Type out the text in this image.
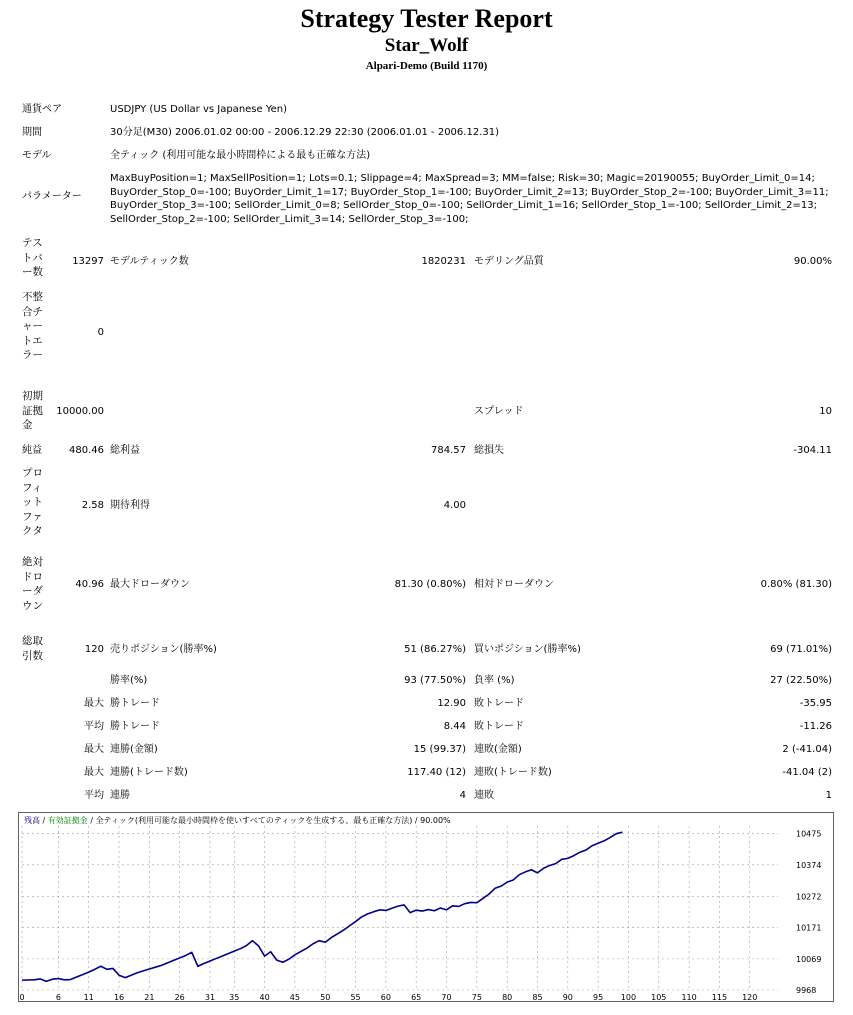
Strategy Tester Report
Star_Wolf
Alpari-Demo (Build 1170)
通貨ペア	USDJPY (US Dollar vs Japanese Yen)
期間	30分足(M30) 2006.01.02 00:00 - 2006.12.29 22:30 (2006.01.01 - 2006.12.31)
モデル	全ティック (利用可能な最小時間枠による最も正確な方法)
パラメーター
MaxBuyPosition=1; MaxSellPosition=1; Lots=0.1; Slippage=4; MaxSpread=3; MM=false; Risk=30; Magic=20190055; BuyOrder_Limit_0=14; BuyOrder_Stop_0=-100; BuyOrder_Limit_1=17; BuyOrder_Stop_1=-100; BuyOrder_Limit_2=13; BuyOrder_Stop_2=-100; BuyOrder_Limit_3=11; BuyOrder_Stop_3=-100; SellOrder_Limit_0=8; SellOrder_Stop_0=-100; SellOrder_Limit_1=16; SellOrder_Stop_1=-100; SellOrder_Limit_2=13; SellOrder_Stop_2=-100; SellOrder_Limit_3=14; SellOrder_Stop_3=-100;
テストバー数
13297 モデルティック数	1820231 モデリング品質	90.00%
不整合チャートエラー
0
初期証拠金
10000.00	スプレッド	10
純益	480.46 総利益	784.57 総損失	-304.11
プロフィットファクタ
2.58 期待利得	4.00
絶対ドローダウン
40.96 最大ドローダウン	81.30 (0.80%) 相対ドローダウン	0.80% (81.30)
総取引数	120 売りポジション(勝率%)	51 (86.27%) 買いポジション(勝率%)	69 (71.01%)
勝率(%)	93 (77.50%) 負率 (%)	27 (22.50%)
最大 勝トレード	12.90 敗トレード	-35.95
平均 勝トレード	8.44 敗トレード	-11.26
最大 連勝(金額)	15 (99.37) 連敗(金額)	2 (-41.04)
最大 連勝(トレード数)	117.40 (12) 連敗(トレード数)	-41.04 (2)
平均 連勝	4 連敗	1
残高 / 有効証拠金 / 全ティック(利用可能な最小時間枠を使いすべてのティックを生成する、最も正確な方法) / 90.00%
0	6	11	16	21	26	31 35	40	45	50	55	60	65	70	75	80	85	90	95 100 105 110 115 120
9968
10069
10171
10272
10374
10475
